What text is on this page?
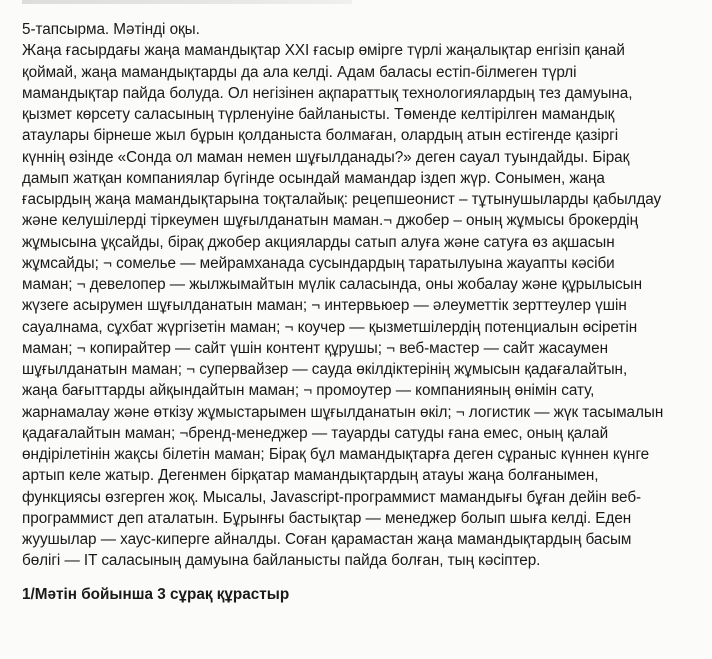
5-тапсырма. Мәтінді оқы.
Жаңа ғасырдағы жаңа мамандықтар XXI ғасыр өмірге түрлі жаңалықтар енгізіп қанай
қоймай, жаңа мамандықтарды да ала келді. Адам баласы естіп-білмеген түрлі
мамандықтар пайда болуда. Ол негізінен ақпараттық технологиялардың тез дамуына,
қызмет көрсету саласының түрленуіне байланысты. Төменде келтірілген мамандық
атаулары бірнеше жыл бұрын қолданыста болмаған, олардың атын естігенде қазіргі
күннің өзінде «Сонда ол маман немен шұғылданады?» деген сауал туындайды. Бірақ
дамып жатқан компаниялар бүгінде осындай мамандар іздеп жүр. Сонымен, жаңа
ғасырдың жаңа мамандықтарына тоқталайық: рецепшеонист – тұтынушыларды қабылдау
және келушілерді тіркеумен шұғылданатын маман.¬ джобер – оның жұмысы брокердің
жұмысына ұқсайды, бірақ джобер акцияларды сатып алуға және сатуға өз ақшасын
жұмсайды; ¬ сомелье — мейрамханада сусындардың таратылуына жауапты кәсіби
маман; ¬ девелопер — жылжымайтын мүлік саласында, оны жобалау және құрылысын
жүзеге асырумен шұғылданатын маман; ¬ интервьюер — әлеуметтік зерттеулер үшін
сауалнама, сұхбат жүргізетін маман; ¬ коучер — қызметшілердің потенциалын өсіретін
маман; ¬ копирайтер — сайт үшін контент құрушы; ¬ веб-мастер — сайт жасаумен
шұғылданатын маман; ¬ супервайзер — сауда өкілдіктерінің жұмысын қадағалайтын,
жаңа бағыттарды айқындайтын маман; ¬ промоутер — компанияның өнімін сату,
жарнамалау және өткізу жұмыстарымен шұғылданатын өкіл; ¬ логистик — жүк тасымалын
қадағалайтын маман; ¬бренд-менеджер — тауарды сатуды ғана емес, оның қалай
өндірілетінін жақсы білетін маман; Бірақ бұл мамандықтарға деген сұраныс күннен күнге
артып келе жатыр. Дегенмен бірқатар мамандықтардың атауы жаңа болғанымен,
функциясы өзгерген жоқ. Мысалы, Javascript-программист мамандығы бұған дейін веб-
программист деп аталатын. Бұрынғы бастықтар — менеджер болып шыға келді. Еден
жуушылар — хаус-киперге айналды. Соған қарамастан жаңа мамандықтардың басым
бөлігі — IT саласының дамуына байланысты пайда болған, тың кәсіптер.
1/Мәтін бойынша 3 сұрақ құрастыр
